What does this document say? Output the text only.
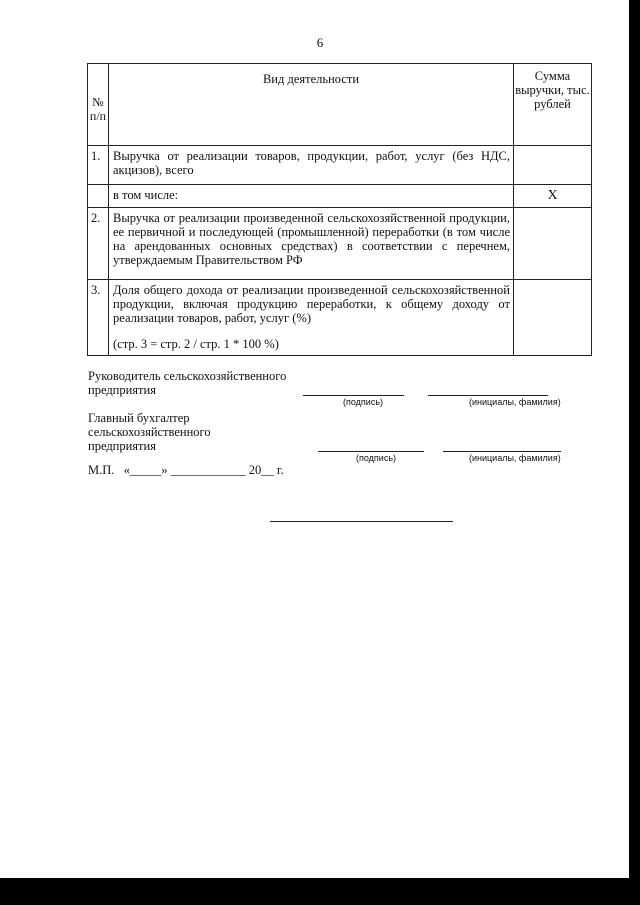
6
№ п/п	Вид деятельности	Сумма выручки, тыс. рублей
1.	Выручка от реализации товаров, продукции, работ, услуг (без НДС, акцизов), всего	
	в том числе:	X
2.	Выручка от реализации произведенной сельскохозяйственной продукции, ее первичной и последующей (промышленной) переработки (в том числе на арендованных основных средствах) в соответствии с перечнем, утверждаемым Правительством РФ	
3.	Доля общего дохода от реализации произведенной сельскохозяйственной продукции, включая продукцию переработки, к общему доходу от реализации товаров, работ, услуг (%)
(стр. 3 = стр. 2 / стр. 1 * 100 %)	

Руководитель сельскохозяйственного
предприятия
(подпись)	(инициалы, фамилия)
Главный бухгалтер
сельскохозяйственного
предприятия
(подпись)	(инициалы, фамилия)
М.П.   «_____» ____________ 20__ г.
